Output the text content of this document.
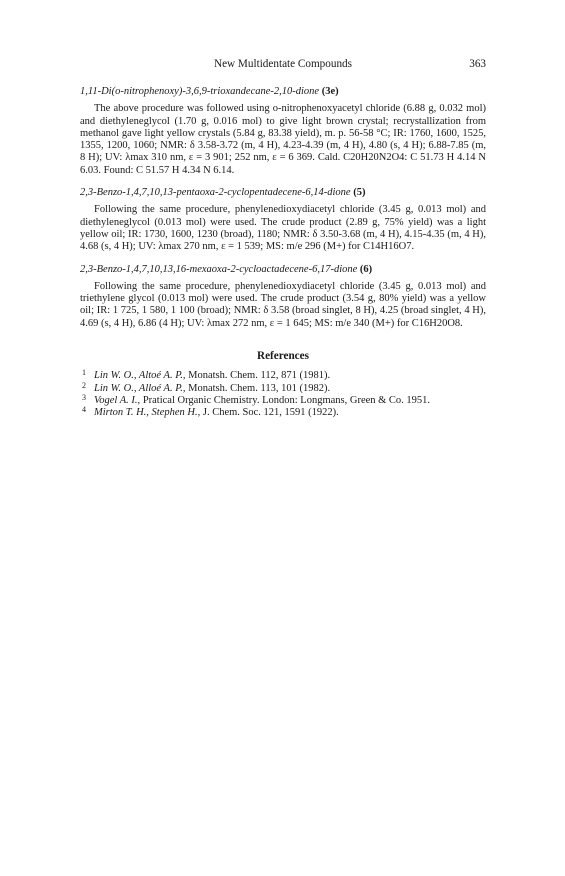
New Multidentate Compounds	363
1,11-Di(o-nitrophenoxy)-3,6,9-trioxandecane-2,10-dione (3e)

The above procedure was followed using o-nitrophenoxyacetyl chloride (6.88 g, 0.032 mol) and diethyleneglycol (1.70 g, 0.016 mol) to give light brown crystal; recrystallization from methanol gave light yellow crystals (5.84 g, 83.38 yield), m. p. 56-58 °C; IR: 1760, 1600, 1525, 1355, 1200, 1060; NMR: δ 3.58-3.72 (m, 4 H), 4.23-4.39 (m, 4 H), 4.80 (s, 4 H); 6.88-7.85 (m, 8 H); UV: λmax 310 nm, ε = 3 901; 252 nm, ε = 6 369. Cald. C20H20N2O4: C 51.73 H 4.14 N 6.03. Found: C 51.57 H 4.34 N 6.14.

2,3-Benzo-1,4,7,10,13-pentaoxa-2-cyclopentadecene-6,14-dione (5)

Following the same procedure, phenylenedioxydiacetyl chloride (3.45 g, 0.013 mol) and diethyleneglycol (0.013 mol) were used. The crude product (2.89 g, 75% yield) was a light yellow oil; IR: 1730, 1600, 1230 (broad), 1180; NMR: δ 3.50-3.68 (m, 4 H), 4.15-4.35 (m, 4 H), 4.68 (s, 4 H); UV: λmax 270 nm, ε = 1 539; MS: m/e 296 (M+) for C14H16O7.

2,3-Benzo-1,4,7,10,13,16-mexaoxa-2-cycloactadecene-6,17-dione (6)

Following the same procedure, phenylenedioxydiacetyl chloride (3.45 g, 0.013 mol) and triethylene glycol (0.013 mol) were used. The crude product (3.54 g, 80% yield) was a yellow oil; IR: 1 725, 1 580, 1 100 (broad); NMR: δ 3.58 (broad singlet, 8 H), 4.25 (broad singlet, 4 H), 4.69 (s, 4 H), 6.86 (4 H); UV: λmax 272 nm, ε = 1 645; MS: m/e 340 (M+) for C16H20O8.

References

1 Lin W. O., Altoé A. P., Monatsh. Chem. 112, 871 (1981).

2 Lin W. O., Alloé A. P., Monatsh. Chem. 113, 101 (1982).

3 Vogel A. I., Pratical Organic Chemistry. London: Longmans, Green & Co. 1951.

4 Mirton T. H., Stephen H., J. Chem. Soc. 121, 1591 (1922).
